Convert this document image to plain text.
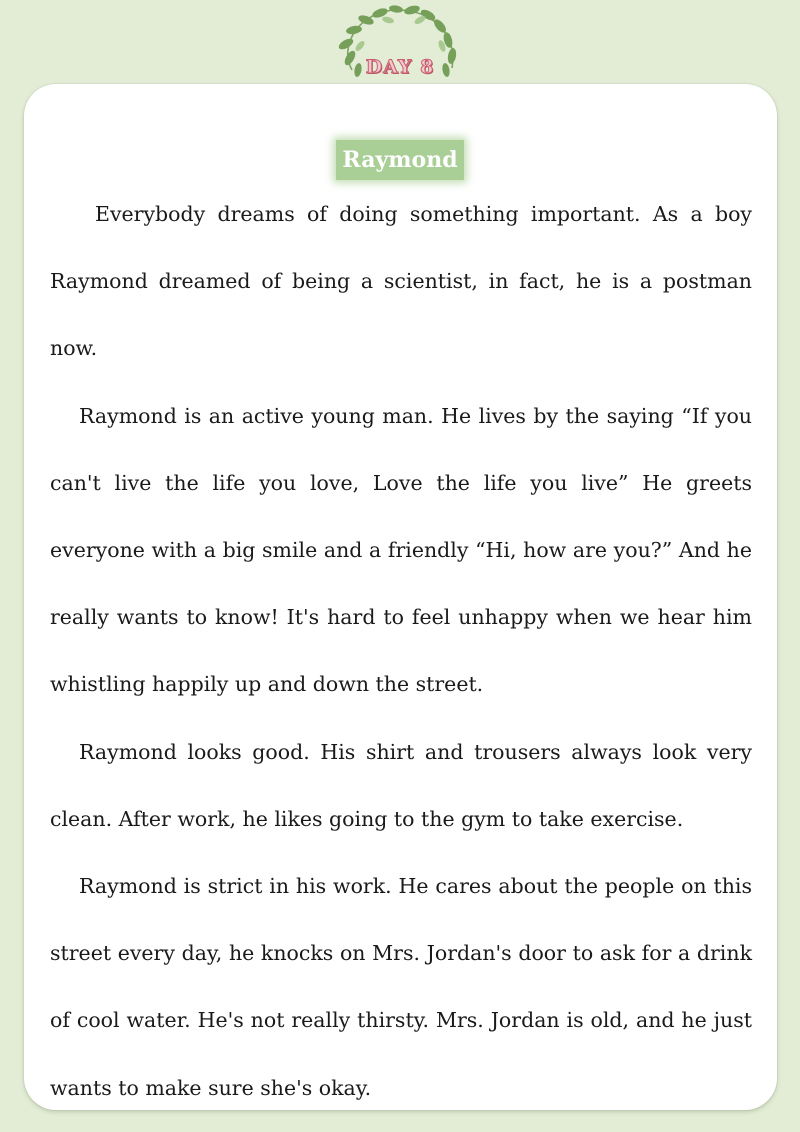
DAY 8
Raymond

Everybody dreams of doing something important. As a boy Raymond dreamed of being a scientist, in fact, he is a postman now.

Raymond is an active young man. He lives by the saying “If you can't live the life you love, Love the life you live” He greets everyone with a big smile and a friendly “Hi, how are you?” And he really wants to know! It's hard to feel unhappy when we hear him whistling happily up and down the street.

Raymond looks good. His shirt and trousers always look very clean. After work, he likes going to the gym to take exercise.

Raymond is strict in his work. He cares about the people on this street every day, he knocks on Mrs. Jordan's door to ask for a drink of cool water. He's not really thirsty. Mrs. Jordan is old, and he just wants to make sure she's okay.
